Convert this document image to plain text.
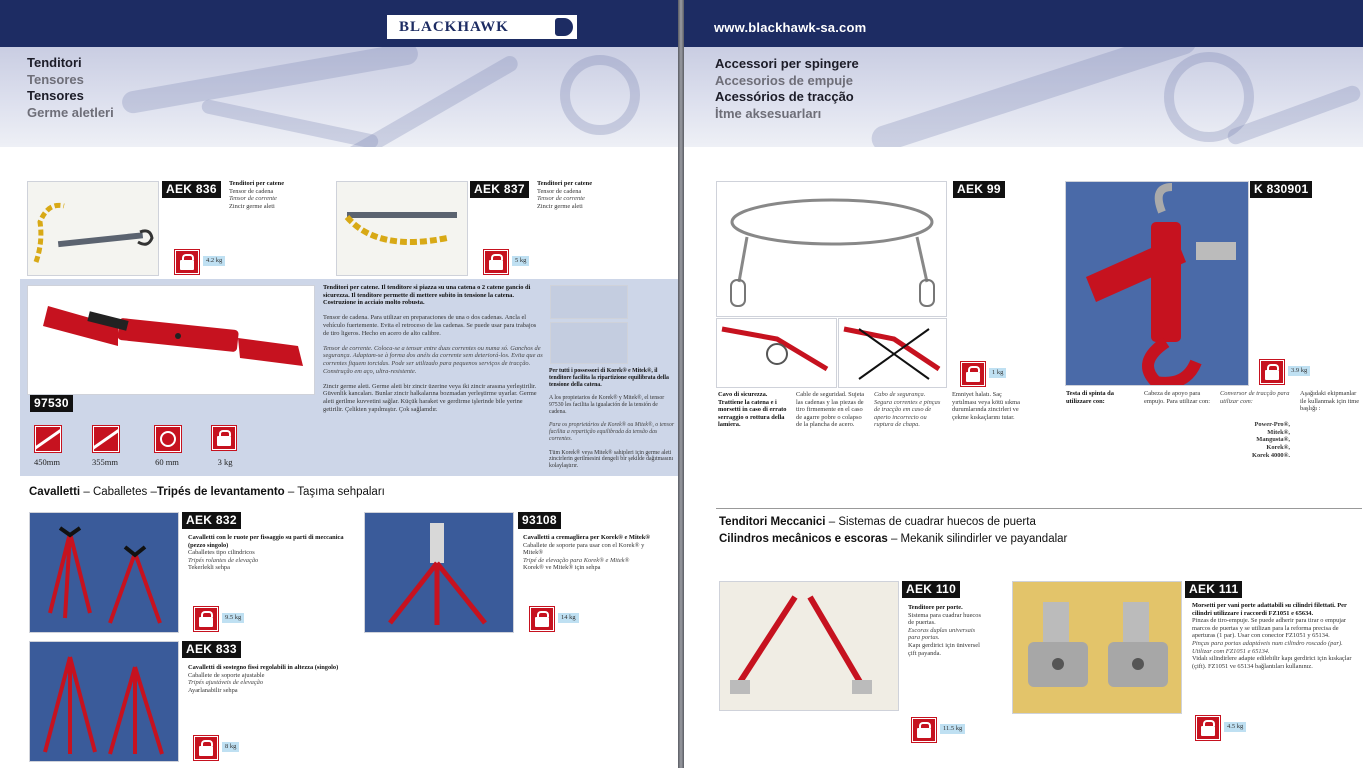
BLACKHAWK
Tenditori
Tensores
Tensores
Germe aletleri
AEK 836	Tenditori per catene
Tensor de cadena
Tensor de corrente
Zincir germe aleti
4.2 kg
AEK 837	Tenditori per catene
Tensor de cadena
Tensor de corrente
Zincir germe aleti
5 kg
97530
Tenditori per catene. Il tenditore si piazza su una catena o 2 catene gancio di sicurezza. Il tenditore permette di mettere subito in tensione la catena. Costruzione in acciaio molto robusta.

Tensor de cadena. Para utilizar en preparaciones de una o dos cadenas. Ancla el vehículo fuertemente. Evita el retroceso de las cadenas. Se puede usar para trabajos de tiro ligeros. Hecho en acero de alto calibre.

Tensor de corrente. Coloca-se a tensar entre duas correntes ou numa só. Ganchos de segurança. Adaptam-se à forma dos anéis da corrente sem deteriorá-los. Evita que as correntes fiquem torcidas. Pode ser utilizado para pequenos serviços de tracção. Construção em aço, ultra-resistente.

Zincir germe aleti. Germe aleti bir zincir üzerine veya iki zincir arasına yerleştirilir. Güvenlik kancaları. Bunlar zincir halkalarına bozmadan yerleştirme uyarlar. Germe aleti gerilme kuvvetini sağlar. Küçük haraket ve gerdirme işlerinde bile yerine getirilir. Çelikten yapılmıştır. Çok sağlamdır.
Per tutti i possessori di Korek® e Mitek®, il tenditore facilita la ripartizione equilibrata della tensione della catena.

A los propietarios de Korek® y Mitek®, el tensor 97530 les facilita la igualación de la tensión de cadena.

Para os proprietários de Korek® ou Mitek®, o tensor facilita a repartição equilibrada da tensão das correntes.

Tüm Korek® veya Mitek® sahipleri için germe aleti zincirlerin gerilmesini dengeli bir şekilde dağıtmasını kolaylaştırır.
450mm	355mm	60 mm	3 kg
Cavalletti – Caballetes –Tripés de levantamento – Taşıma sehpaları
AEK 832
Cavalletti con le ruote per fissaggio su parti di meccanica (pezzo singolo)
Caballetes tipo cilindricos
Tripés rolantes de elevação
Tekerlekli sehpa
9.5 kg
93108
Cavalletti a cremagliera per Korek® e Mitek®
Caballete de soporte para usar con el Korek® y Mitek®
Tripé de elevação para Korek® e Mitek®
Korek® ve Mitek® için sehpa
14 kg
AEK 833
Cavalletti di sostegno fissi regolabili in altezza (singolo)
Caballete de soporte ajustable
Tripés ajustáveis de elevação
Ayarlanabilir sehpa
8 kg
www.blackhawk-sa.com
Accessori per spingere
Accesorios de empuje
Acessórios de tracção
İtme aksesuarları
AEK 99
1 kg
Cavo di sicurezza. Trattiene la catena e i morsetti in caso di errato serraggio o rottura della lamiera.
Cable de seguridad. Sujeta las cadenas y las piezas de tiro firmemente en el caso de agarre pobre o colapso de la plancha de acero.
Cabo de segurança. Segura correntes e pinças de tracção em caso de aperto incorrecto ou ruptura de chapa.
Emniyet halatı. Saç yırtılması veya kötü sıkma durumlarında zincirleri ve çekme kıskaçlarını tutar.
K 830901
3.9 kg
Testa di spinta da utilizzare con:
Cabeza de apoyo para empujo. Para utilizar con:
Conversor de tracção para utilizar com:
Power-Pro®,
Mitek®,
Mangusta®,
Korek®,
Korek 4000®.
Aşağıdaki ekipmanlar ile kullanmak için itme başlığı :
Tenditori Meccanici – Sistemas de cuadrar huecos de puerta
Cilindros mecânicos e escoras – Mekanik silindirler ve payandalar
AEK 110
Tenditore per porte.
Sistema para cuadrar huecos de puertas.
Escoras duplas universais para portas.
Kapı gerdirici için üniversel çift payanda.
11.5 kg
AEK 111
Morsetti per vani porte adattabili su cilindri filettati. Per cilindri utilizzare i raccordi FZ1051 e 65634.
Pinzas de tiro-empuje. Se puede adherir para tirar o empujar marcos de puertas y se utilizan para la reforma precisa de aperturas (1 par). Usar con conector FZ1051 y 65134.
Pinças para portas adaptáveis num cilindro roscado (par). Utilizar com FZ1051 e 65134.
Vidalı silindirlere adapte edilebilir kapı gerdirici için kıskaçlar (çift). FZ1051 ve 65134 bağlantıları kullanınız.
4.5 kg
